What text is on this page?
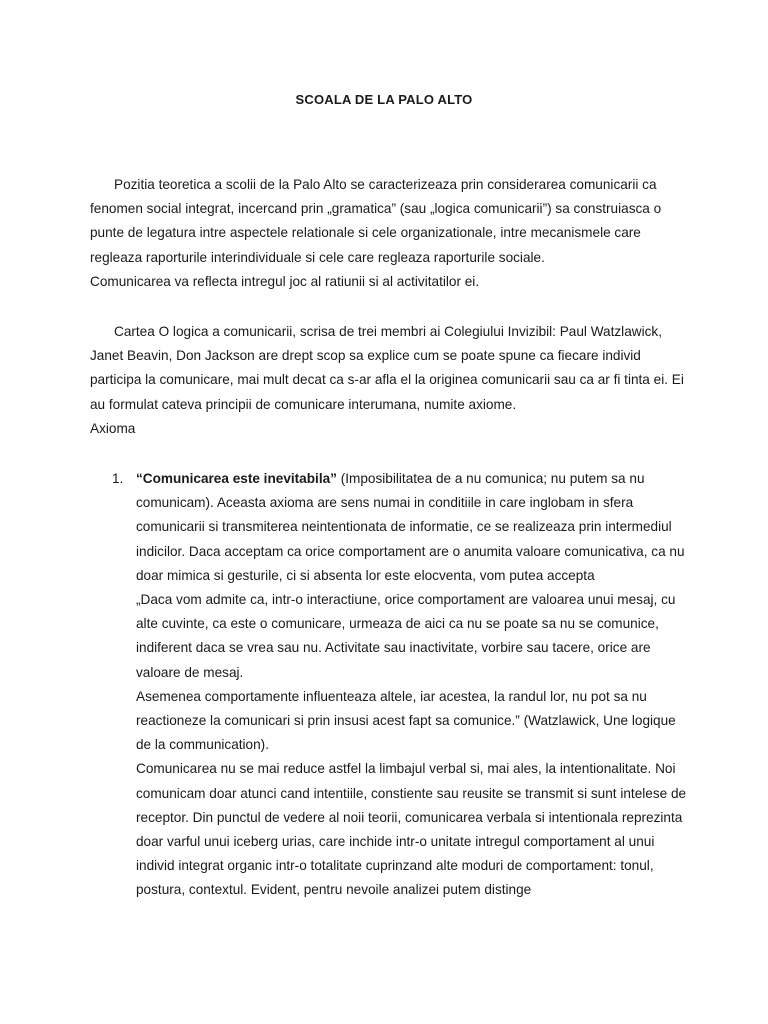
SCOALA DE LA PALO ALTO

Pozitia teoretica a scolii de la Palo Alto se caracterizeaza prin considerarea comunicarii ca fenomen social integrat, incercand prin „gramatica” (sau „logica comunicarii”) sa construiasca o punte de legatura intre aspectele relationale si cele organizationale, intre mecanismele care regleaza raporturile interindividuale si cele care regleaza raporturile sociale.
Comunicarea va reflecta intregul joc al ratiunii si al activitatilor ei.

Cartea O logica a comunicarii, scrisa de trei membri ai Colegiului Invizibil: Paul Watzlawick, Janet Beavin, Don Jackson are drept scop sa explice cum se poate spune ca fiecare individ participa la comunicare, mai mult decat ca s-ar afla el la originea comunicarii sau ca ar fi tinta ei. Ei au formulat cateva principii de comunicare interumana, numite axiome.
Axioma

1. “Comunicarea este inevitabila” (Imposibilitatea de a nu comunica; nu putem sa nu comunicam). Aceasta axioma are sens numai in conditiile in care inglobam in sfera comunicarii si transmiterea neintentionata de informatie, ce se realizeaza prin intermediul indicilor. Daca acceptam ca orice comportament are o anumita valoare comunicativa, ca nu doar mimica si gesturile, ci si absenta lor este elocventa, vom putea accepta
„Daca vom admite ca, intr-o interactiune, orice comportament are valoarea unui mesaj, cu alte cuvinte, ca este o comunicare, urmeaza de aici ca nu se poate sa nu se comunice, indiferent daca se vrea sau nu. Activitate sau inactivitate, vorbire sau tacere, orice are valoare de mesaj.
Asemenea comportamente influenteaza altele, iar acestea, la randul lor, nu pot sa nu reactioneze la comunicari si prin insusi acest fapt sa comunice.” (Watzlawick, Une logique de la communication).
Comunicarea nu se mai reduce astfel la limbajul verbal si, mai ales, la intentionalitate. Noi comunicam doar atunci cand intentiile, constiente sau reusite se transmit si sunt intelese de receptor. Din punctul de vedere al noii teorii, comunicarea verbala si intentionala reprezinta doar varful unui iceberg urias, care inchide intr-o unitate intregul comportament al unui individ integrat organic intr-o totalitate cuprinzand alte moduri de comportament: tonul, postura, contextul. Evident, pentru nevoile analizei putem distinge
